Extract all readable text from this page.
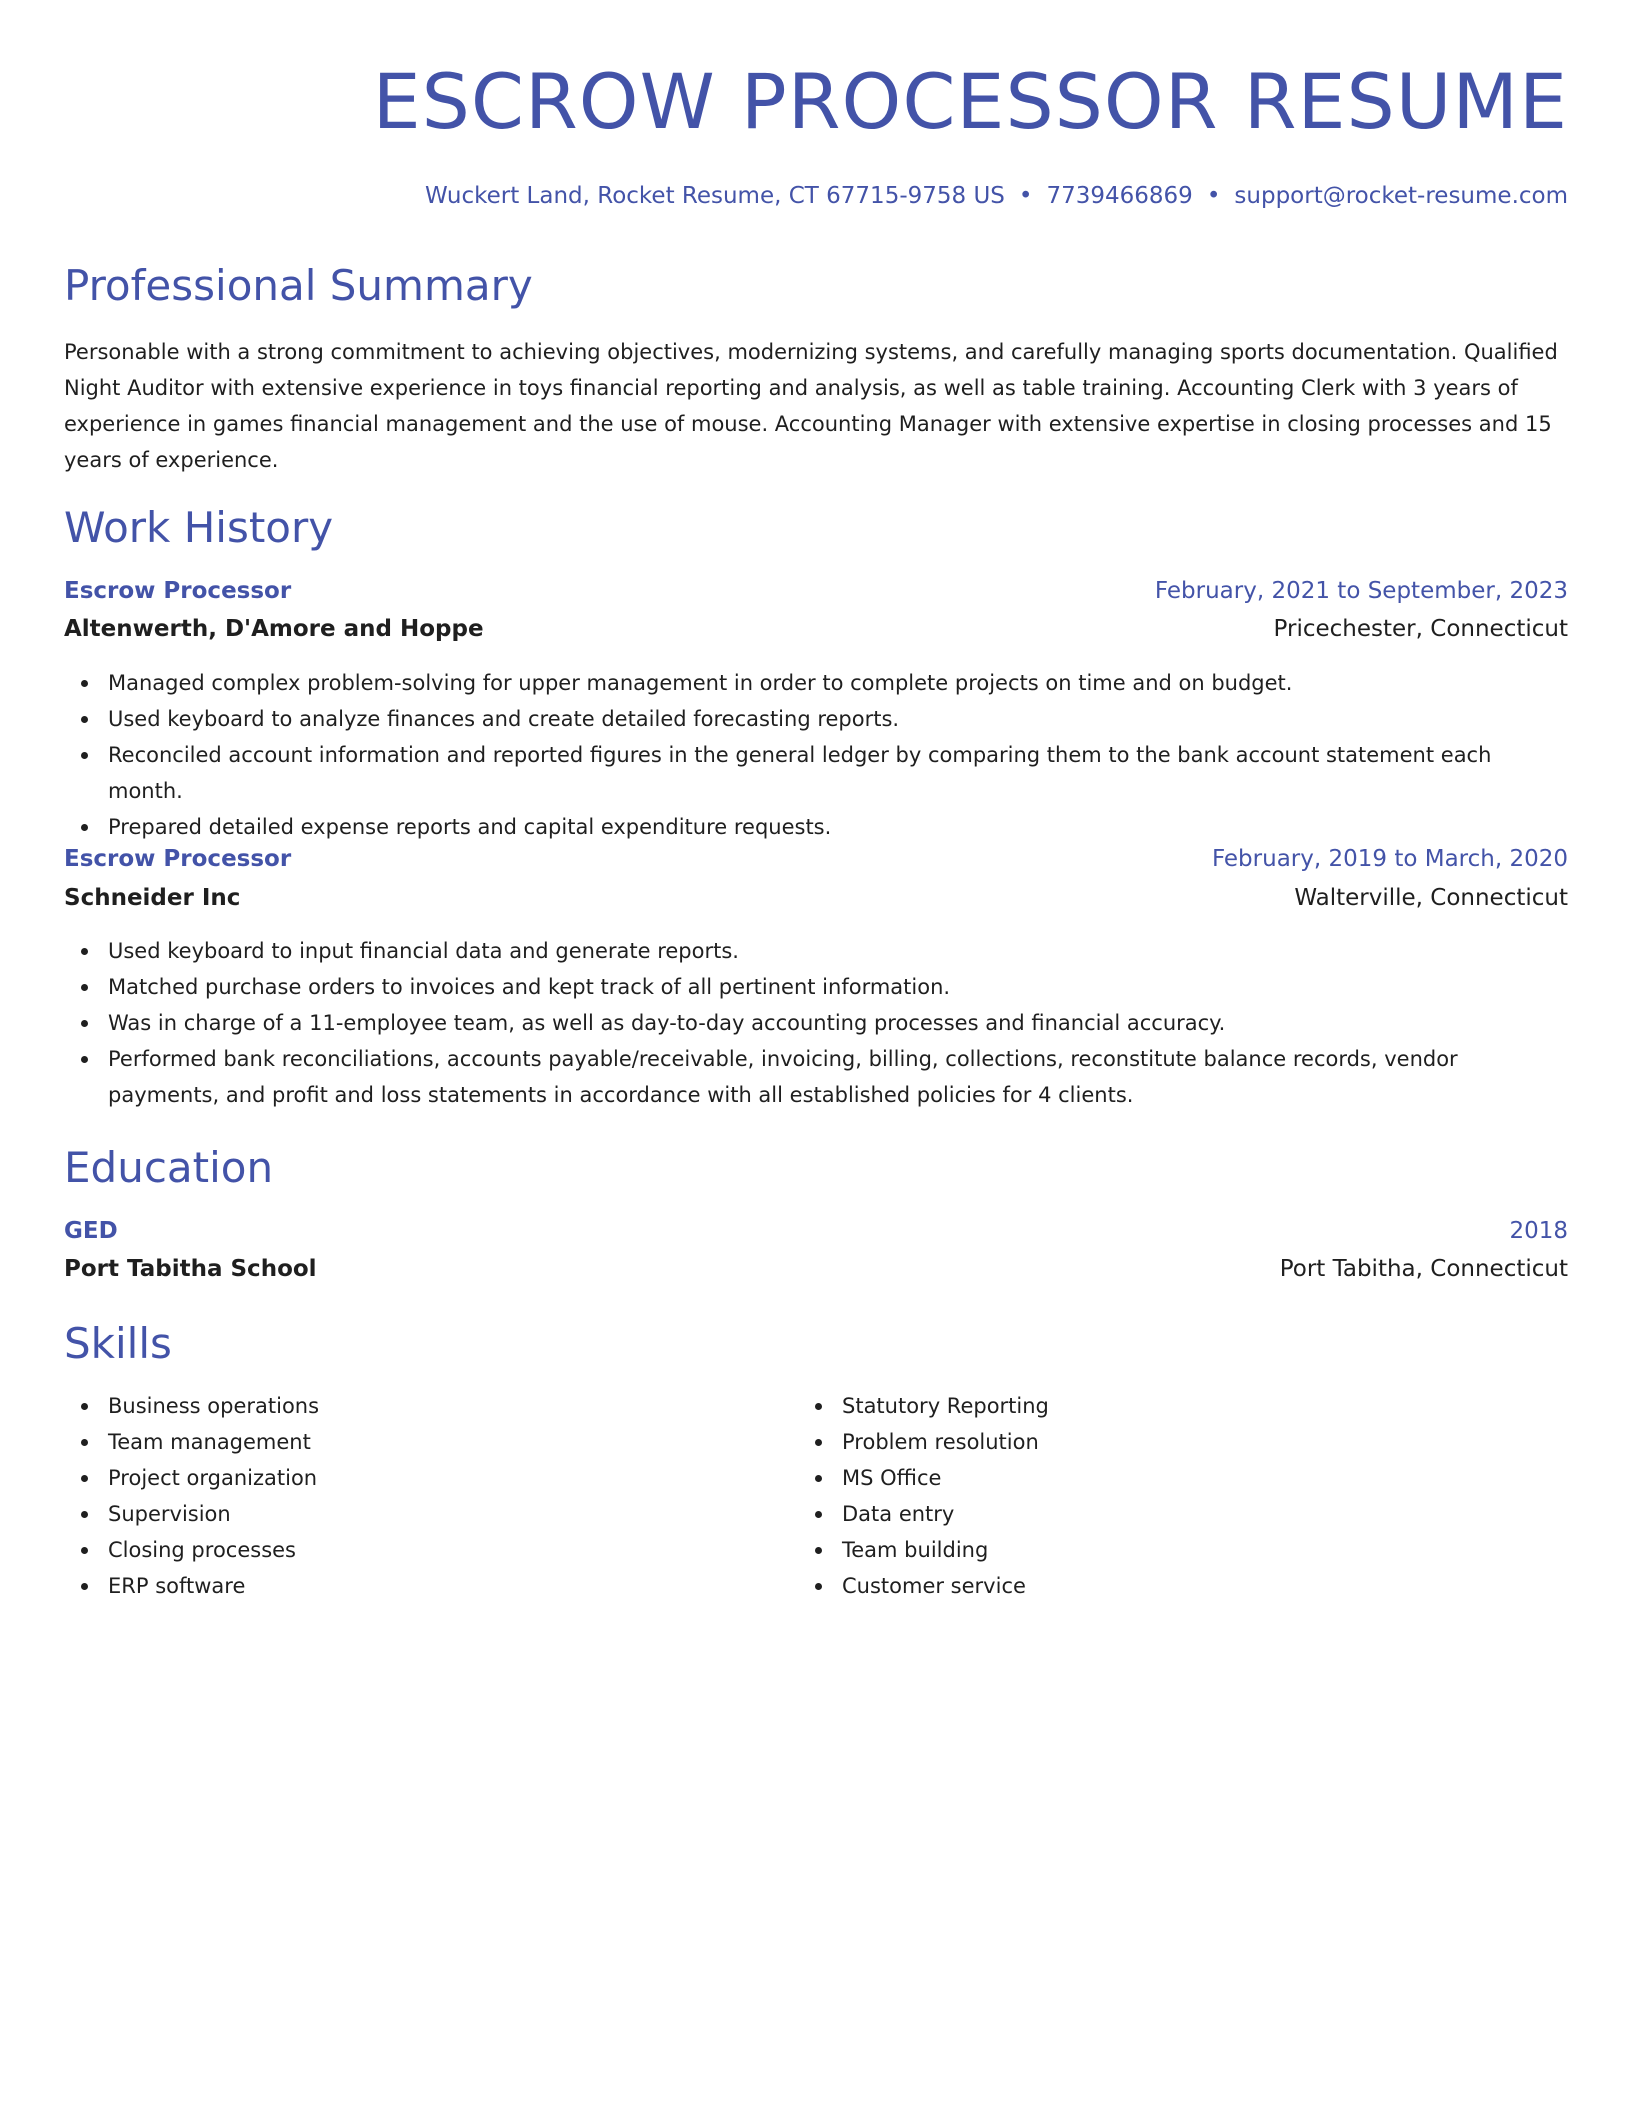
ESCROW PROCESSOR RESUME
Wuckert Land, Rocket Resume, CT 67715-9758 US • 7739466869 • support@rocket-resume.com
Professional Summary

Personable with a strong commitment to achieving objectives, modernizing systems, and carefully managing sports documentation. Qualified Night Auditor with extensive experience in toys financial reporting and analysis, as well as table training. Accounting Clerk with 3 years of experience in games financial management and the use of mouse. Accounting Manager with extensive expertise in closing processes and 15 years of experience.

Work History
Escrow Processor	February, 2021 to September, 2023
Altenwerth, D'Amore and Hoppe	Pricechester, Connecticut
Managed complex problem-solving for upper management in order to complete projects on time and on budget.
Used keyboard to analyze finances and create detailed forecasting reports.
Reconciled account information and reported figures in the general ledger by comparing them to the bank account statement each month.
Prepared detailed expense reports and capital expenditure requests.
Escrow Processor	February, 2019 to March, 2020
Schneider Inc	Walterville, Connecticut
Used keyboard to input financial data and generate reports.
Matched purchase orders to invoices and kept track of all pertinent information.
Was in charge of a 11-employee team, as well as day-to-day accounting processes and financial accuracy.
Performed bank reconciliations, accounts payable/receivable, invoicing, billing, collections, reconstitute balance records, vendor payments, and profit and loss statements in accordance with all established policies for 4 clients.
Education
GED	2018
Port Tabitha School	Port Tabitha, Connecticut
Skills
Business operations
Team management
Project organization
Supervision
Closing processes
ERP software
Statutory Reporting
Problem resolution
MS Office
Data entry
Team building
Customer service
